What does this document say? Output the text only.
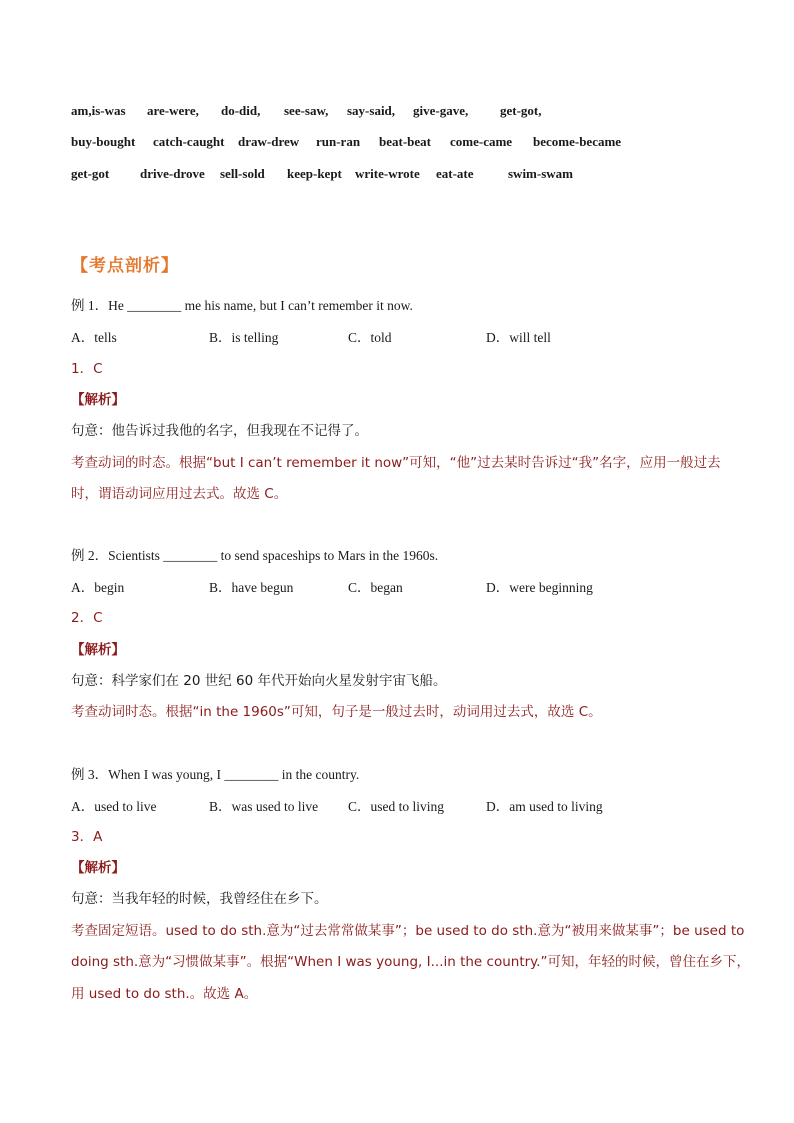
am,is-was are-were, do-did, see-saw, say-said, give-gave, get-got,
buy-bought catch-caught draw-drew run-ran beat-beat come-came become-became
get-got drive-drove sell-sold keep-kept write-wrote eat-ate	swim-swam
【考点剖析】
例 1．He ________ me his name, but I can’t remember it now.
A．tells	B．is telling	C．told	D．will tell
1．C
【解析】
句意：他告诉过我他的名字，但我现在不记得了。
考查动词的时态。根据“but I can’t remember it now”可知，“他”过去某时告诉过“我”名字，应用一般过去
时，谓语动词应用过去式。故选 C。
例 2．Scientists ________ to send spaceships to Mars in the 1960s.
A．begin	B．have begun	C．began	D．were beginning
2．C
【解析】
句意：科学家们在 20 世纪 60 年代开始向火星发射宇宙飞船。
考查动词时态。根据“in the 1960s”可知，句子是一般过去时，动词用过去式，故选 C。
例 3．When I was young, I ________ in the country.
A．used to live	B．was used to live C．used to living	D．am used to living
3．A
【解析】
句意：当我年轻的时候，我曾经住在乡下。
考查固定短语。used to do sth.意为“过去常常做某事”；be used to do sth.意为“被用来做某事”；be used to
doing sth.意为“习惯做某事”。根据“When I was young, I...in the country.”可知，年轻的时候，曾住在乡下，
用 used to do sth.。故选 A。
